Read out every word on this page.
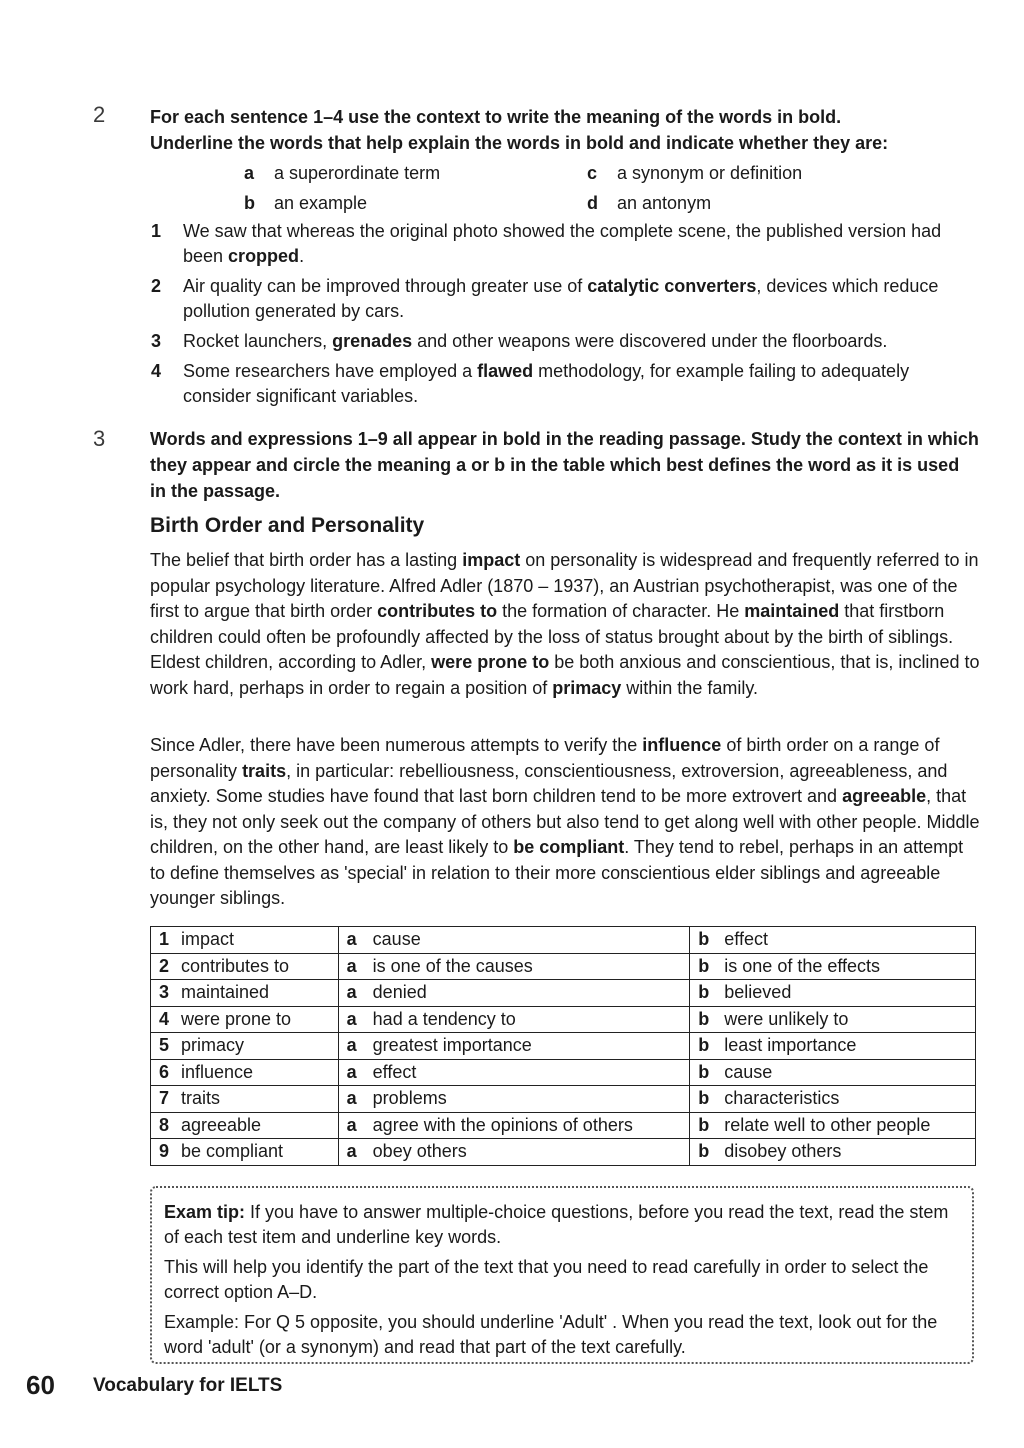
2 For each sentence 1–4 use the context to write the meaning of the words in bold.
Underline the words that help explain the words in bold and indicate whether they are:
a a superordinate term
b an example
c a synonym or definition
d an antonym
1 We saw that whereas the original photo showed the complete scene, the published version had been cropped.
2 Air quality can be improved through greater use of catalytic converters, devices which reduce pollution generated by cars.
3 Rocket launchers, grenades and other weapons were discovered under the floorboards.
4 Some researchers have employed a flawed methodology, for example failing to adequately consider significant variables.
3 Words and expressions 1–9 all appear in bold in the reading passage. Study the context in which they appear and circle the meaning a or b in the table which best defines the word as it is used in the passage.
Birth Order and Personality
The belief that birth order has a lasting impact on personality is widespread and frequently referred to in popular psychology literature. Alfred Adler (1870 – 1937), an Austrian psychotherapist, was one of the first to argue that birth order contributes to the formation of character. He maintained that firstborn children could often be profoundly affected by the loss of status brought about by the birth of siblings. Eldest children, according to Adler, were prone to be both anxious and conscientious, that is, inclined to work hard, perhaps in order to regain a position of primacy within the family.
Since Adler, there have been numerous attempts to verify the influence of birth order on a range of personality traits, in particular: rebelliousness, conscientiousness, extroversion, agreeableness, and anxiety. Some studies have found that last born children tend to be more extrovert and agreeable, that is, they not only seek out the company of others but also tend to get along well with other people. Middle children, on the other hand, are least likely to be compliant. They tend to rebel, perhaps in an attempt to define themselves as 'special' in relation to their more conscientious elder siblings and agreeable younger siblings.
1 impact	a cause	b effect
2 contributes to	a is one of the causes	b is one of the effects
3 maintained	a denied	b believed
4 were prone to	a had a tendency to	b were unlikely to
5 primacy	a greatest importance	b least importance
6 influence	a effect	b cause
7 traits	a problems	b characteristics
8 agreeable	a agree with the opinions of others	b relate well to other people
9 be compliant	a obey others	b disobey others
Exam tip: If you have to answer multiple-choice questions, before you read the text, read the stem of each test item and underline key words.
This will help you identify the part of the text that you need to read carefully in order to select the correct option A–D.
Example: For Q 5 opposite, you should underline 'Adult' . When you read the text, look out for the word 'adult' (or a synonym) and read that part of the text carefully.
60 Vocabulary for IELTS
